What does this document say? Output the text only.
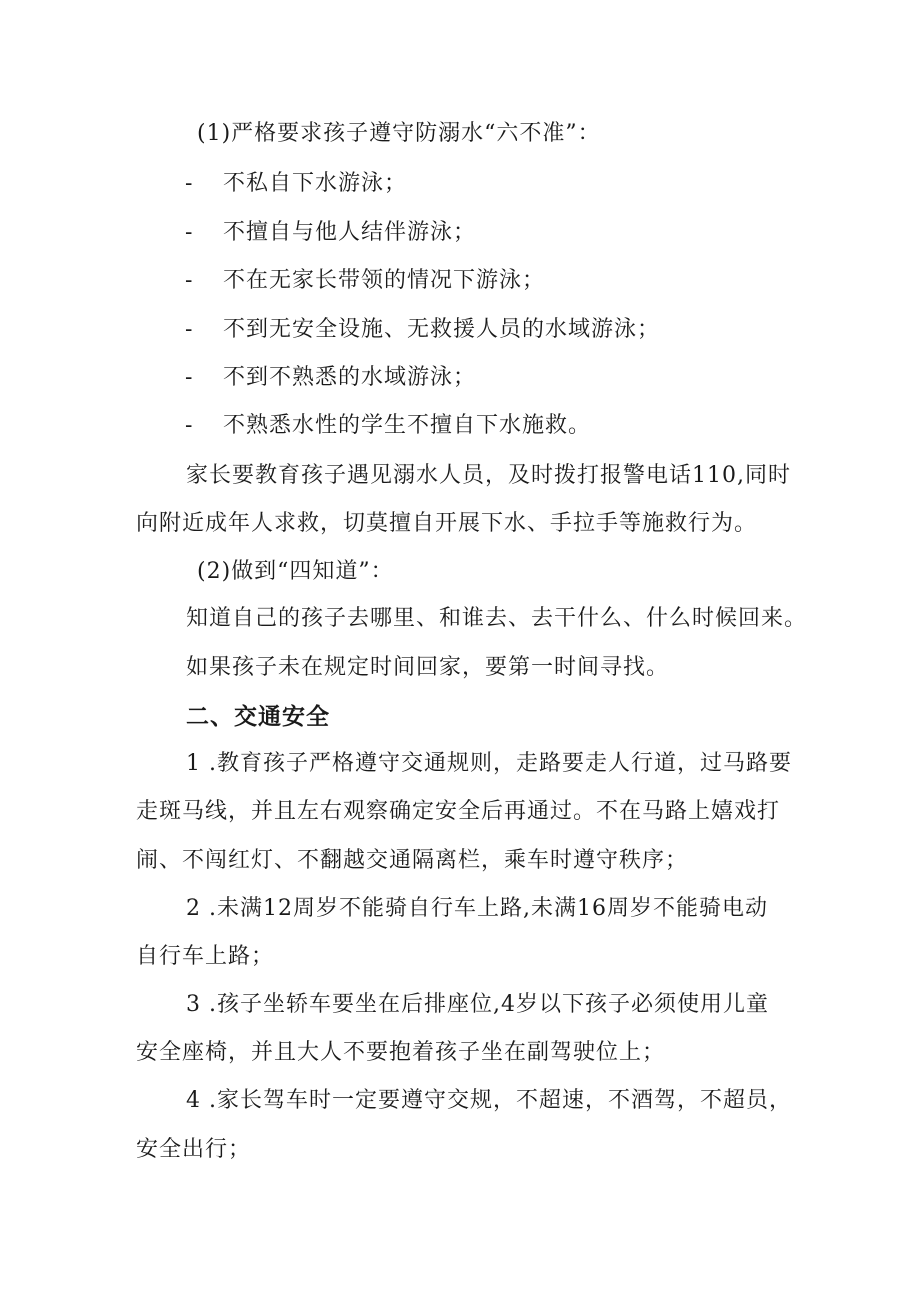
(1)严格要求孩子遵守防溺水“六不准”：
- 不私自下水游泳；
- 不擅自与他人结伴游泳；
- 不在无家长带领的情况下游泳；
- 不到无安全设施、无救援人员的水域游泳；
- 不到不熟悉的水域游泳；
- 不熟悉水性的学生不擅自下水施救。
家长要教育孩子遇见溺水人员，及时拨打报警电话110,同时
向附近成年人求救，切莫擅自开展下水、手拉手等施救行为。
(2)做到“四知道”：
知道自己的孩子去哪里、和谁去、去干什么、什么时候回来。
如果孩子未在规定时间回家，要第一时间寻找。
二、交通安全
1 .教育孩子严格遵守交通规则，走路要走人行道，过马路要
走斑马线，并且左右观察确定安全后再通过。不在马路上嬉戏打
闹、不闯红灯、不翻越交通隔离栏，乘车时遵守秩序；
2 .未满12周岁不能骑自行车上路,未满16周岁不能骑电动
自行车上路；
3 .孩子坐轿车要坐在后排座位,4岁以下孩子必须使用儿童
安全座椅，并且大人不要抱着孩子坐在副驾驶位上；
4 .家长驾车时一定要遵守交规，不超速，不酒驾，不超员，
安全出行；
